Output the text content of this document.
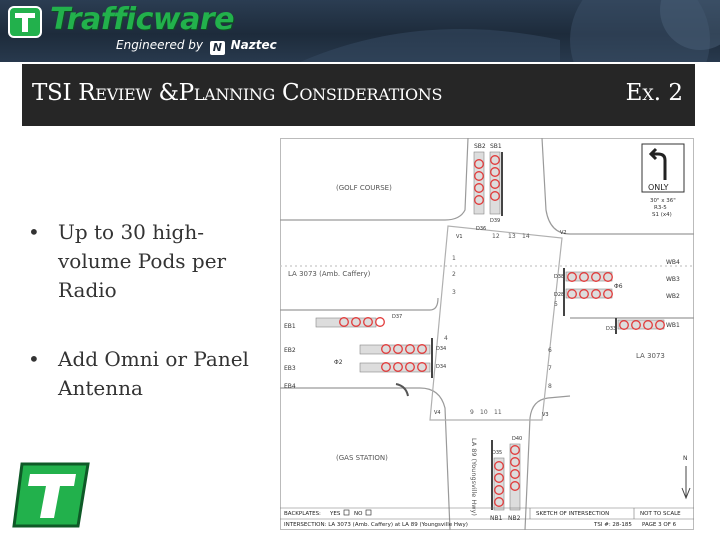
Trafficware
Engineered by N Naztec
TSI Review &Planning Considerations	Ex. 2
• Up to 30 high-volume Pods per Radio
• Add Omni or Panel Antenna
(GOLF COURSE)
(GAS STATION)
LA 3073 (Amb. Caffery)
LA 3073
LA 89 (Youngsville Hwy)
SB2 SB1
D39
D36
12 13 14
1
2
3
4
5
6
7
8
9 10 11
V1
V2
V3
V4
ONLY
30" x 36"
R3-5
S1 (x4)
WB4
WB3
WB2
WB1
D38
D28
D33
Φ6
EB1
EB2
EB3
EB4
D37
D34
D34
Φ2
D40
D35
NB1 NB2
N
BACKPLATES: YES NO	SKETCH OF INTERSECTION	NOT TO SCALE
INTERSECTION: LA 3073 (Amb. Caffery) at LA 89 (Youngsville Hwy)	TSI #: 28-185 PAGE 3 OF 6
